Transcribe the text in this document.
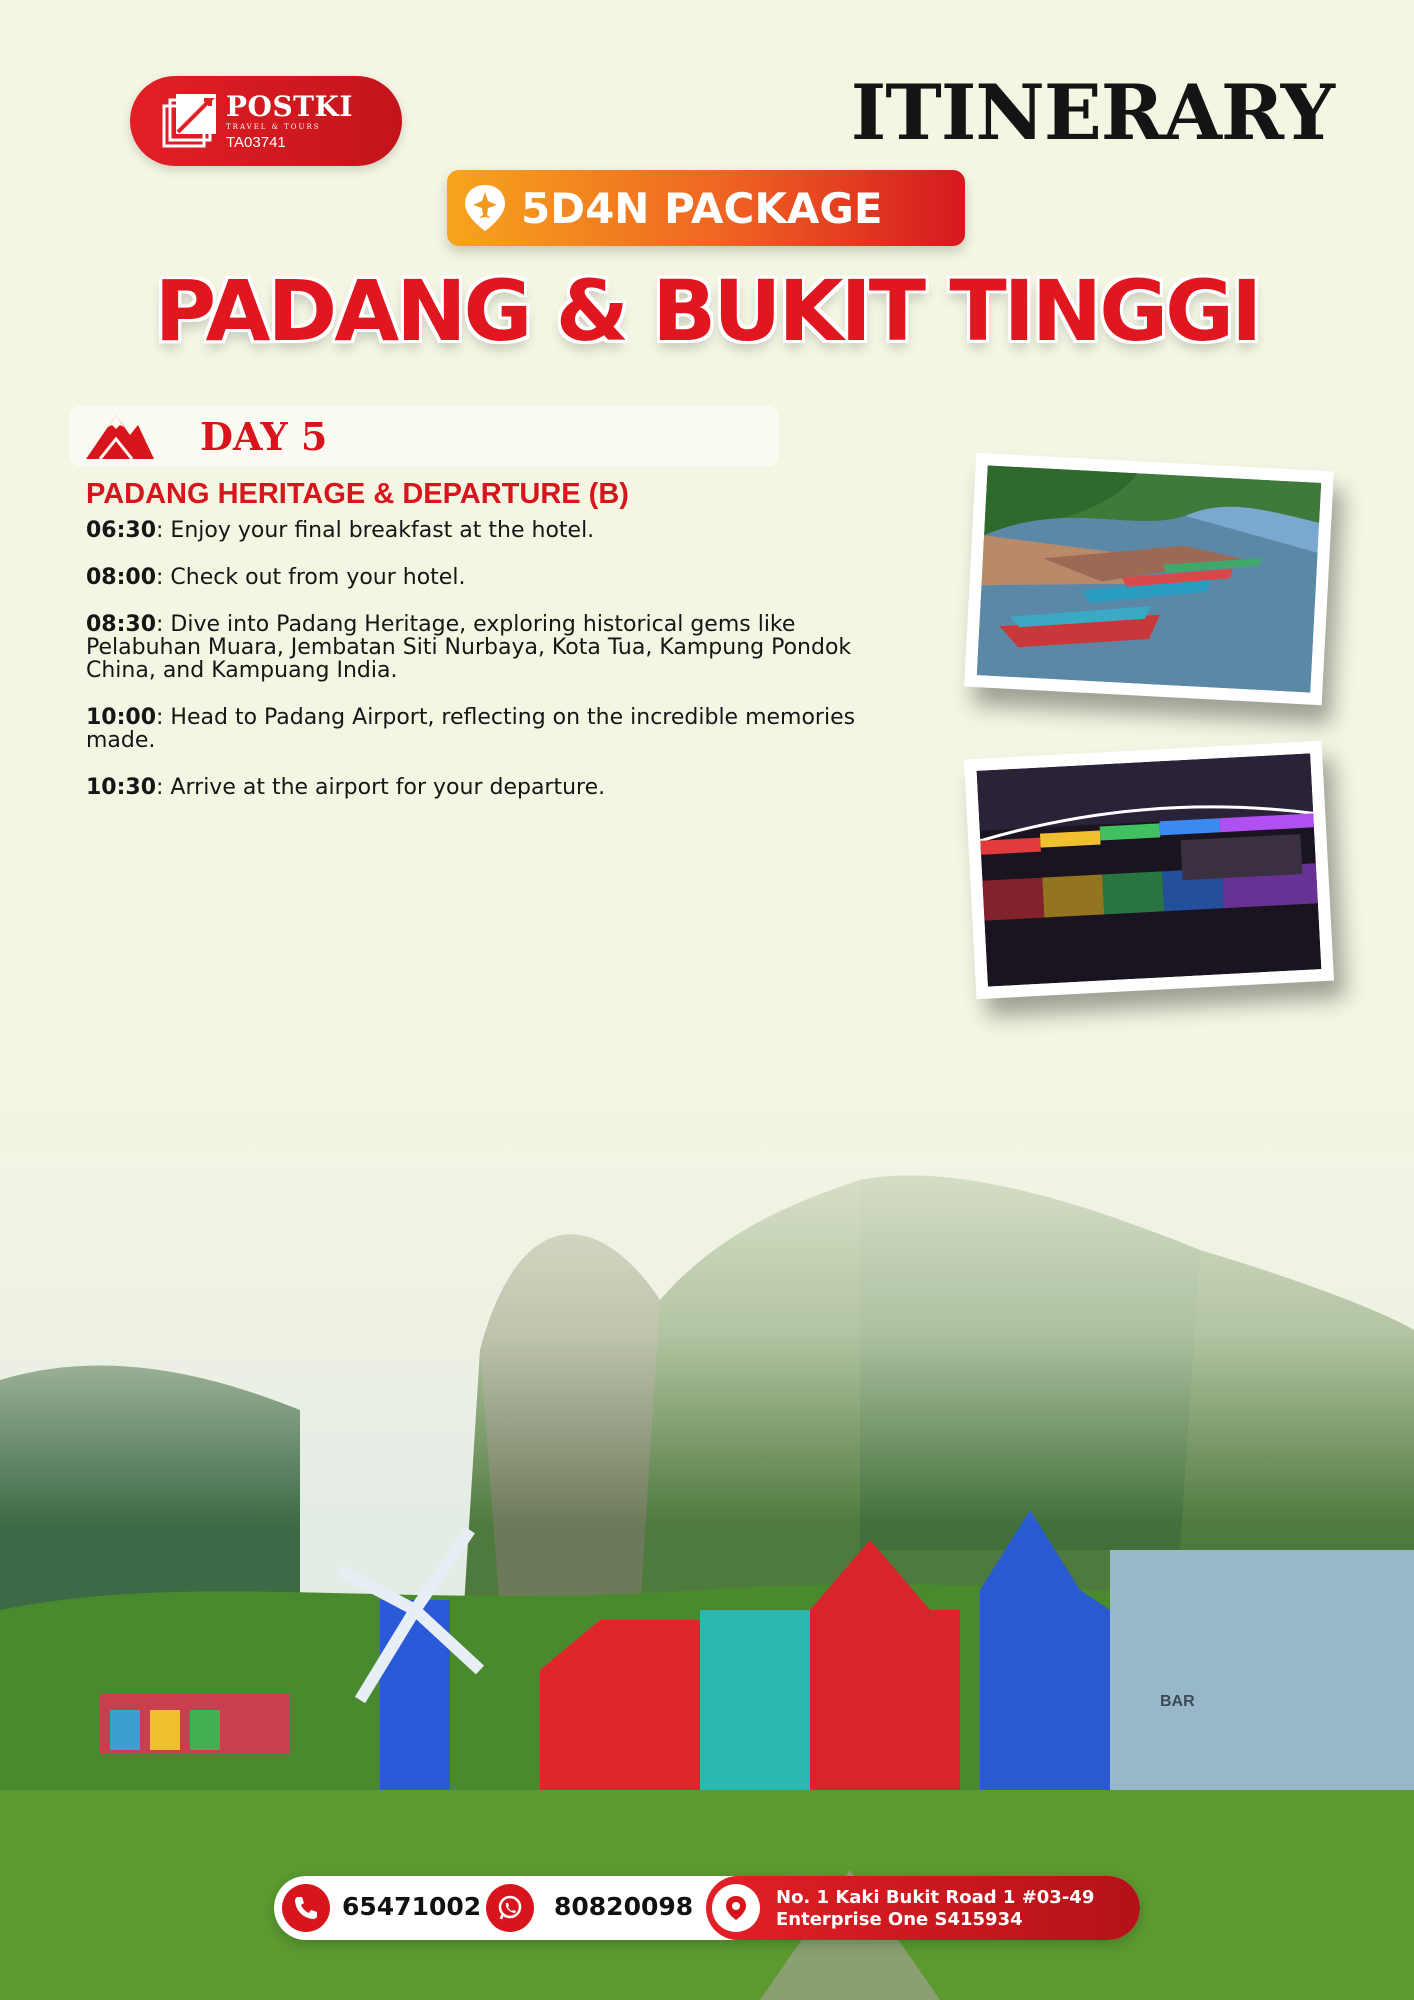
POSTKI
TRAVEL & TOURS
TA03741	ITINERARY
5D4N PACKAGE
PADANG & BUKIT TINGGI
DAY 5
PADANG HERITAGE & DEPARTURE (B)
06:30: Enjoy your final breakfast at the hotel.
08:00: Check out from your hotel.
08:30: Dive into Padang Heritage, exploring historical gems like Pelabuhan Muara, Jembatan Siti Nurbaya, Kota Tua, Kampung Pondok China, and Kampuang India.
10:00: Head to Padang Airport, reflecting on the incredible memories made.
10:30: Arrive at the airport for your departure.
65471002	80820098	No. 1 Kaki Bukit Road 1 #03-49
Enterprise One S415934
